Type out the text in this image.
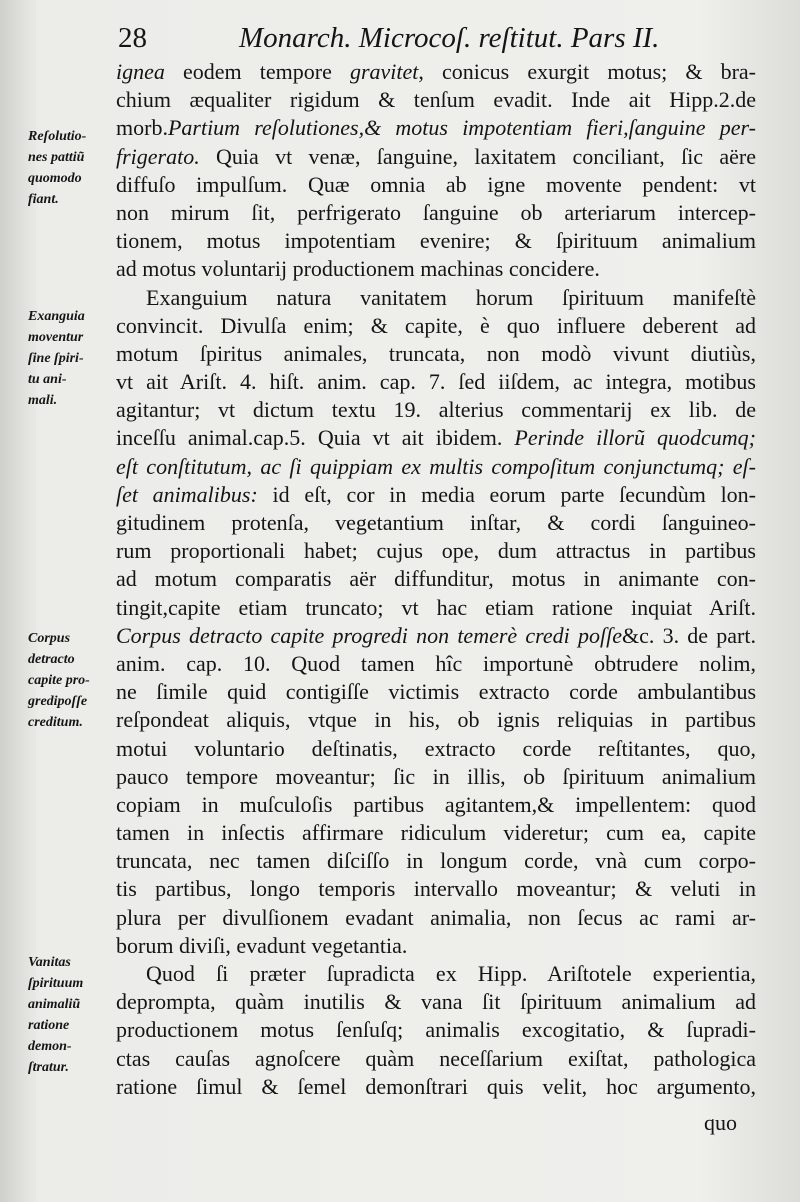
28	Monarch. Microcoſ. reſtitut. Pars II.
ignea eodem tempore gravitet, conicus exurgit motus; & bra-
chium æqualiter rigidum & tenſum evadit. Inde ait Hipp.2.de
morb.Partium reſolutiones,& motus impotentiam fieri,ſanguine per-
frigerato. Quia vt venæ, ſanguine, laxitatem conciliant, ſic aëre
diffuſo impulſum. Quæ omnia ab igne movente pendent: vt
non mirum ſit, perfrigerato ſanguine ob arteriarum intercep-
tionem, motus impotentiam evenire; & ſpirituum animalium
ad motus voluntarij productionem machinas concidere.
Exanguium natura vanitatem horum ſpirituum manifeſtè
convincit. Divulſa enim; & capite, è quo influere deberent ad
motum ſpiritus animales, truncata, non modò vivunt diutiùs,
vt ait Ariſt. 4. hiſt. anim. cap. 7. ſed iiſdem, ac integra, motibus
agitantur; vt dictum textu 19. alterius commentarij ex lib. de
inceſſu animal.cap.5. Quia vt ait ibidem. Perinde illorũ quodcumq;
eſt conſtitutum, ac ſi quippiam ex multis compoſitum conjunctumq; eſ-
ſet animalibus: id eſt, cor in media eorum parte ſecundùm lon-
gitudinem protenſa, vegetantium inſtar, & cordi ſanguineo-
rum proportionali habet; cujus ope, dum attractus in partibus
ad motum comparatis aër diffunditur, motus in animante con-
tingit,capite etiam truncato; vt hac etiam ratione inquiat Ariſt.
Corpus detracto capite progredi non temerè credi poſſe&c. 3. de part.
anim. cap. 10. Quod tamen hîc importunè obtrudere nolim,
ne ſimile quid contigiſſe victimis extracto corde ambulantibus
reſpondeat aliquis, vtque in his, ob ignis reliquias in partibus
motui voluntario deſtinatis, extracto corde reſtitantes, quo,
pauco tempore moveantur; ſic in illis, ob ſpirituum animalium
copiam in muſculoſis partibus agitantem,& impellentem: quod
tamen in inſectis affirmare ridiculum videretur; cum ea, capite
truncata, nec tamen diſciſſo in longum corde, vnà cum corpo-
tis partibus, longo temporis intervallo moveantur; & veluti in
plura per divulſionem evadant animalia, non ſecus ac rami ar-
borum diviſi, evadunt vegetantia.
Quod ſi præter ſupradicta ex Hipp. Ariſtotele experientia,
deprompta, quàm inutilis & vana ſit ſpirituum animalium ad
productionem motus ſenſuſq; animalis excogitatio, & ſupradi-
ctas cauſas agnoſcere quàm neceſſarium exiſtat, pathologica
ratione ſimul & ſemel demonſtrari quis velit, hoc argumento,
Reſolutio-
nes pattiũ
quomodo
fiant.
Exanguia
moventur
ſine ſpiri-
tu ani-
mali.
Corpus
detracto
capite pro-
gredipoſſe
creditum.
Vanitas
ſpirituum
animaliũ
ratione
demon-
ſtratur.
quo
